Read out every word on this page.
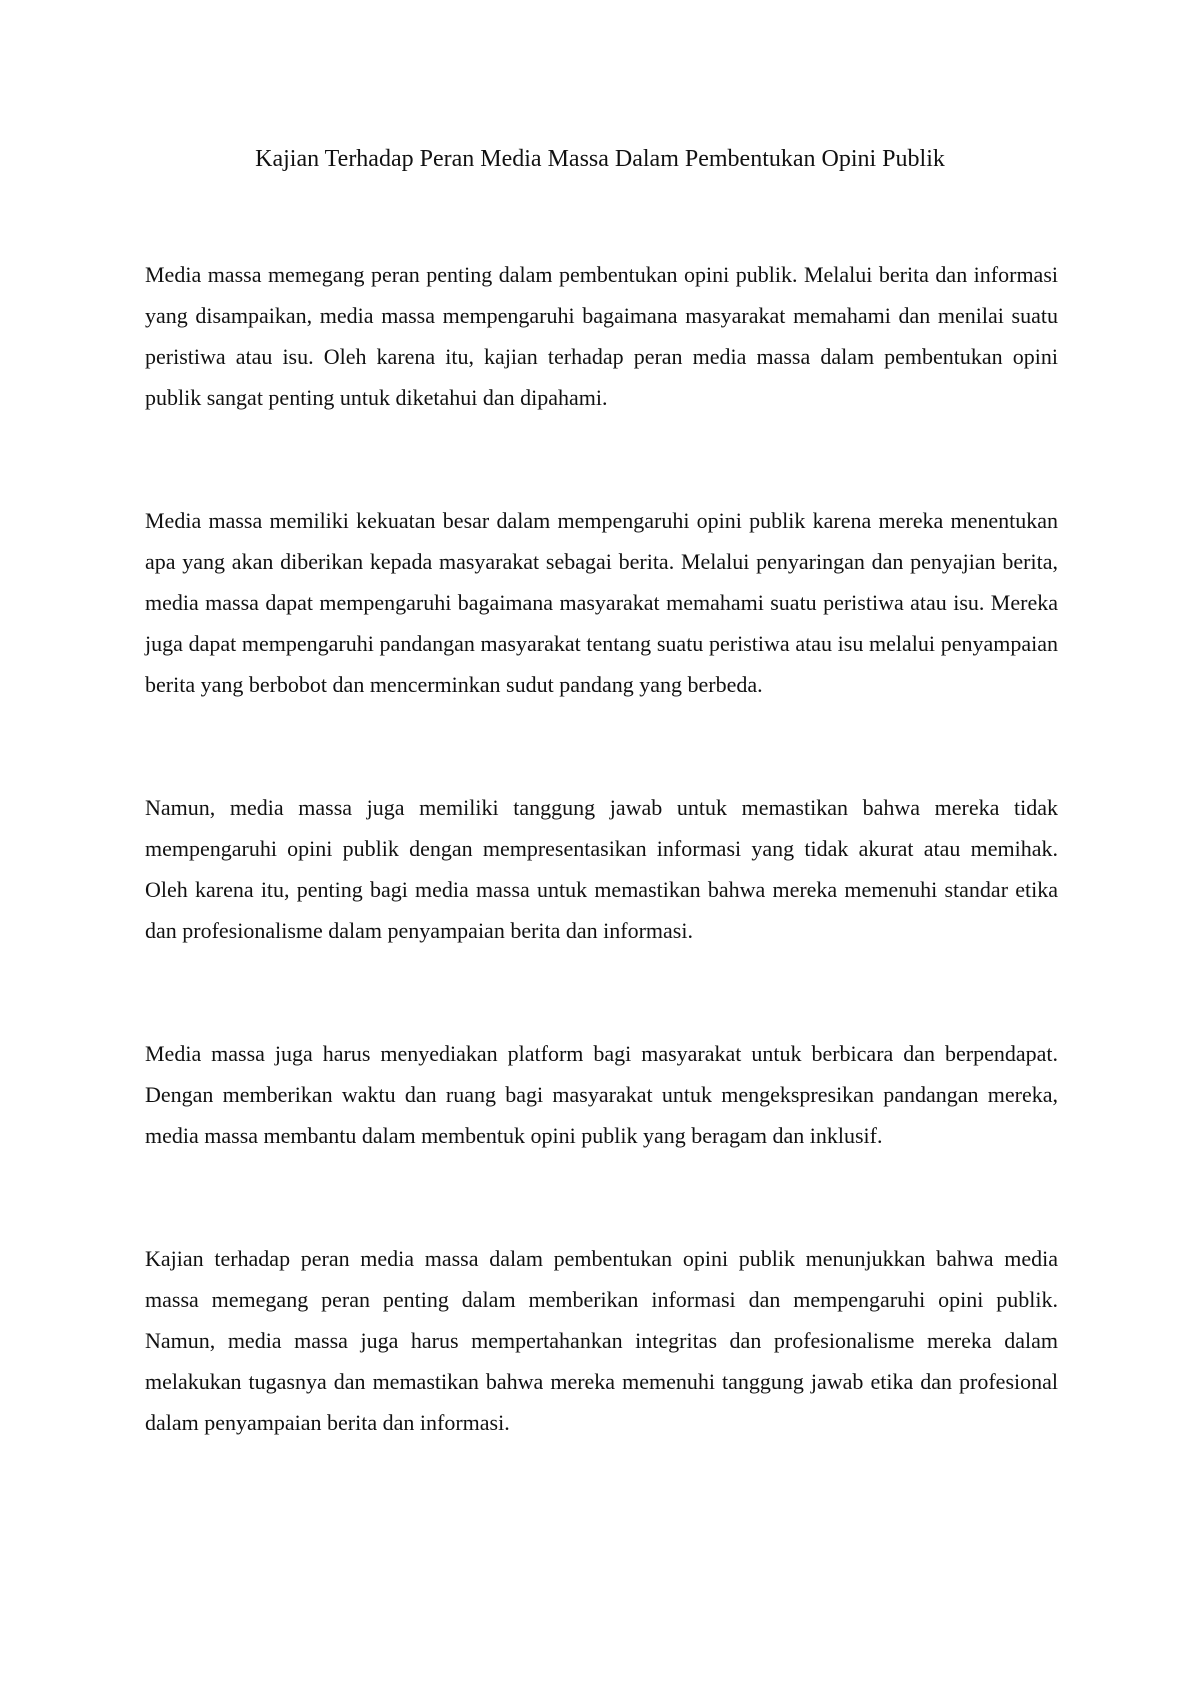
Kajian Terhadap Peran Media Massa Dalam Pembentukan Opini Publik

Media massa memegang peran penting dalam pembentukan opini publik. Melalui berita dan informasi yang disampaikan, media massa mempengaruhi bagaimana masyarakat memahami dan menilai suatu peristiwa atau isu. Oleh karena itu, kajian terhadap peran media massa dalam pembentukan opini publik sangat penting untuk diketahui dan dipahami.

Media massa memiliki kekuatan besar dalam mempengaruhi opini publik karena mereka menentukan apa yang akan diberikan kepada masyarakat sebagai berita. Melalui penyaringan dan penyajian berita, media massa dapat mempengaruhi bagaimana masyarakat memahami suatu peristiwa atau isu. Mereka juga dapat mempengaruhi pandangan masyarakat tentang suatu peristiwa atau isu melalui penyampaian berita yang berbobot dan mencerminkan sudut pandang yang berbeda.

Namun, media massa juga memiliki tanggung jawab untuk memastikan bahwa mereka tidak mempengaruhi opini publik dengan mempresentasikan informasi yang tidak akurat atau memihak. Oleh karena itu, penting bagi media massa untuk memastikan bahwa mereka memenuhi standar etika dan profesionalisme dalam penyampaian berita dan informasi.

Media massa juga harus menyediakan platform bagi masyarakat untuk berbicara dan berpendapat. Dengan memberikan waktu dan ruang bagi masyarakat untuk mengekspresikan pandangan mereka, media massa membantu dalam membentuk opini publik yang beragam dan inklusif.

Kajian terhadap peran media massa dalam pembentukan opini publik menunjukkan bahwa media massa memegang peran penting dalam memberikan informasi dan mempengaruhi opini publik. Namun, media massa juga harus mempertahankan integritas dan profesionalisme mereka dalam melakukan tugasnya dan memastikan bahwa mereka memenuhi tanggung jawab etika dan profesional dalam penyampaian berita dan informasi.
